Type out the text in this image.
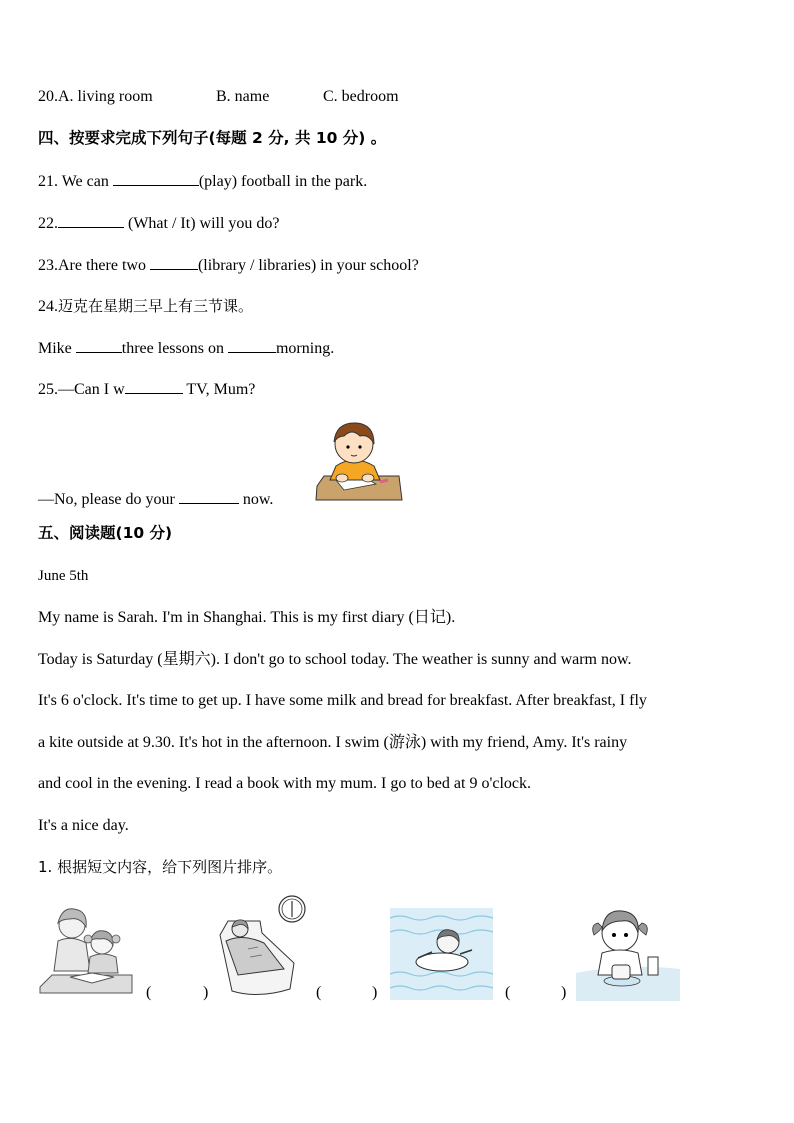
20.A. living room	B. name	C. bedroom
四、按要求完成下列句子(每题 2 分, 共 10 分) 。
21. We can	(play) football in the park.
22.	(What / It) will you do?
23.Are there two	(library / libraries) in your school?
24.迈克在星期三早上有三节课。
Mike	three lessons on	morning.
25.—Can I w	TV, Mum?
—No, please do your	now.
五、阅读题(10 分)
June 5th
My name is Sarah. I'm in Shanghai. This is my first diary (日记).
Today is Saturday (星期六). I don't go to school today. The weather is sunny and warm now.
It's 6 o'clock. It's time to get up. I have some milk and bread for breakfast. After breakfast, I fly
a kite outside at 9.30. It's hot in the afternoon. I swim (游泳) with my friend, Amy. It's rainy
and cool in the evening. I read a book with my mum. I go to bed at 9 o'clock.
It's a nice day.
1. 根据短文内容，给下列图片排序。
(	)	(	)	(	)
